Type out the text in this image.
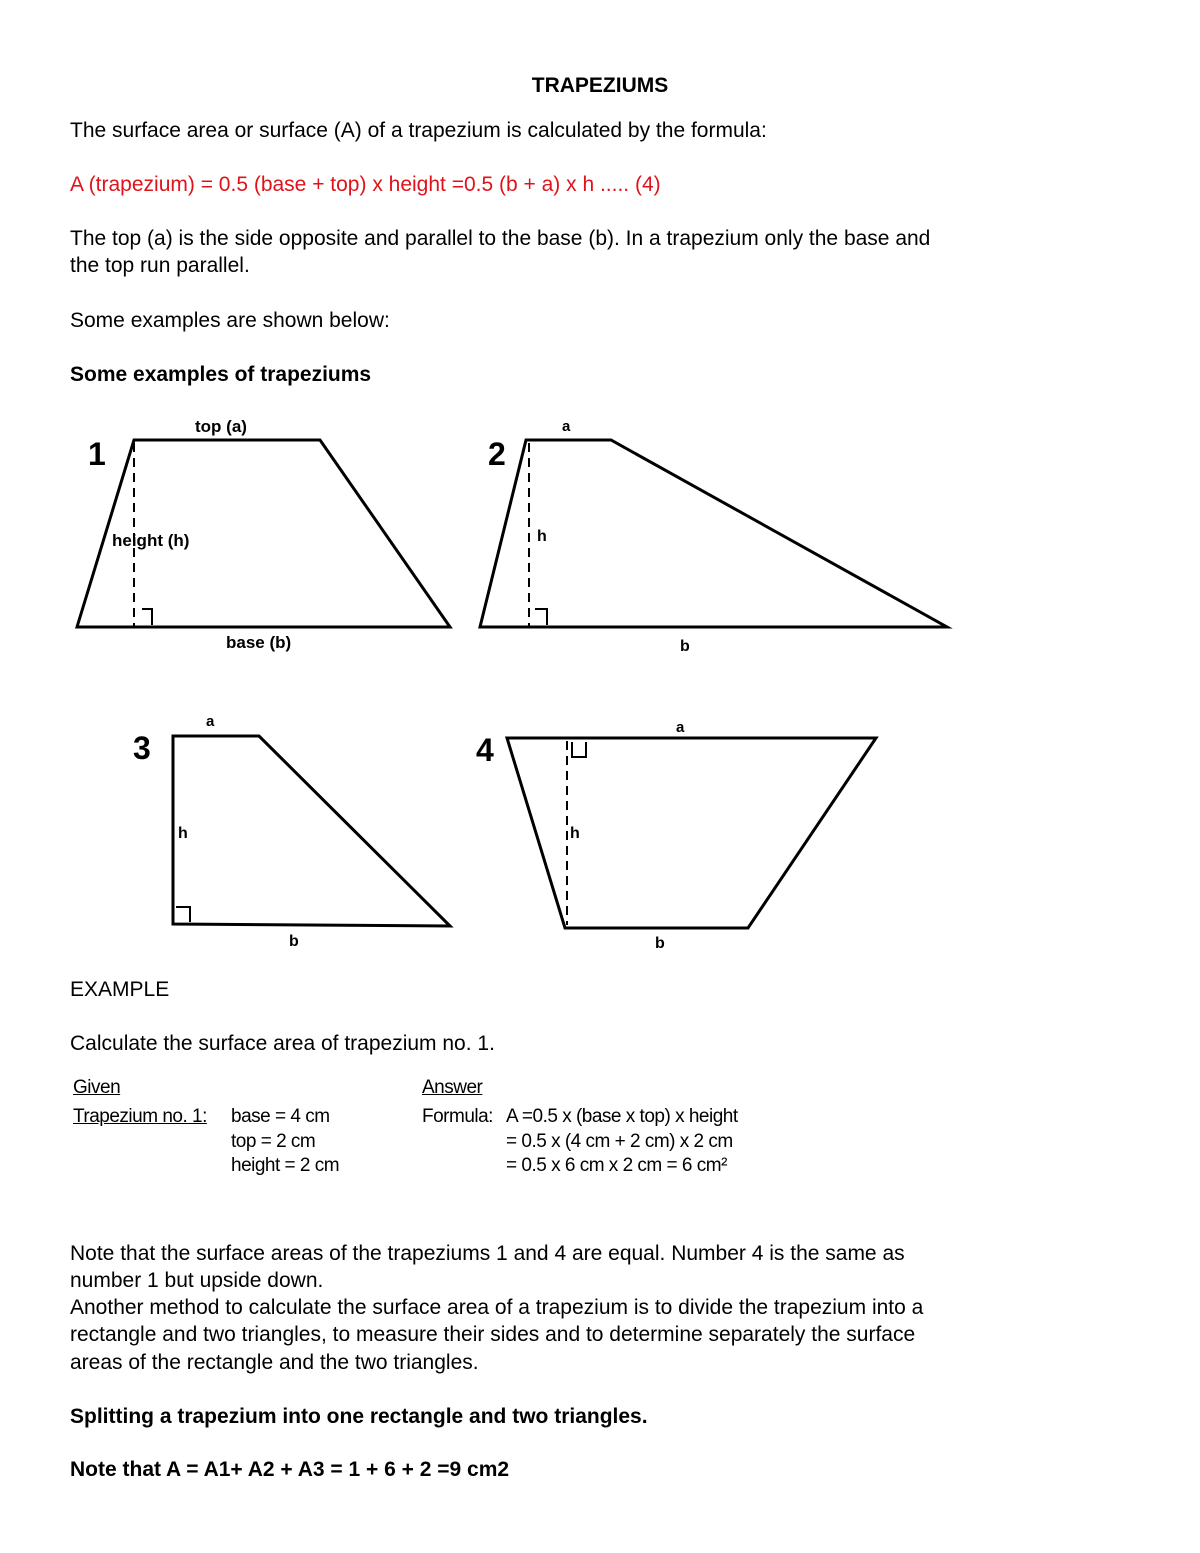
TRAPEZIUMS
The surface area or surface (A) of a trapezium is calculated by the formula:
A (trapezium) = 0.5 (base + top) x height =0.5 (b + a) x h ..... (4)
The top (a) is the side opposite and parallel to the base (b). In a trapezium only the base and
the top run parallel.
Some examples are shown below:
Some examples of trapeziums
1
top (a)
height (h)
base (b)
2
a
h
b
3
a
h
b
4
a
h
b
EXAMPLE
Calculate the surface area of trapezium no. 1.
Given
Trapezium no. 1: base = 4 cm
top = 2 cm
height = 2 cm
Answer
Formula: A =0.5 x (base x top) x height
= 0.5 x (4 cm + 2 cm) x 2 cm
= 0.5 x 6 cm x 2 cm = 6 cm²
Note that the surface areas of the trapeziums 1 and 4 are equal. Number 4 is the same as
number 1 but upside down.
Another method to calculate the surface area of a trapezium is to divide the trapezium into a
rectangle and two triangles, to measure their sides and to determine separately the surface
areas of the rectangle and the two triangles.
Splitting a trapezium into one rectangle and two triangles.
Note that A = A1+ A2 + A3 = 1 + 6 + 2 =9 cm2
